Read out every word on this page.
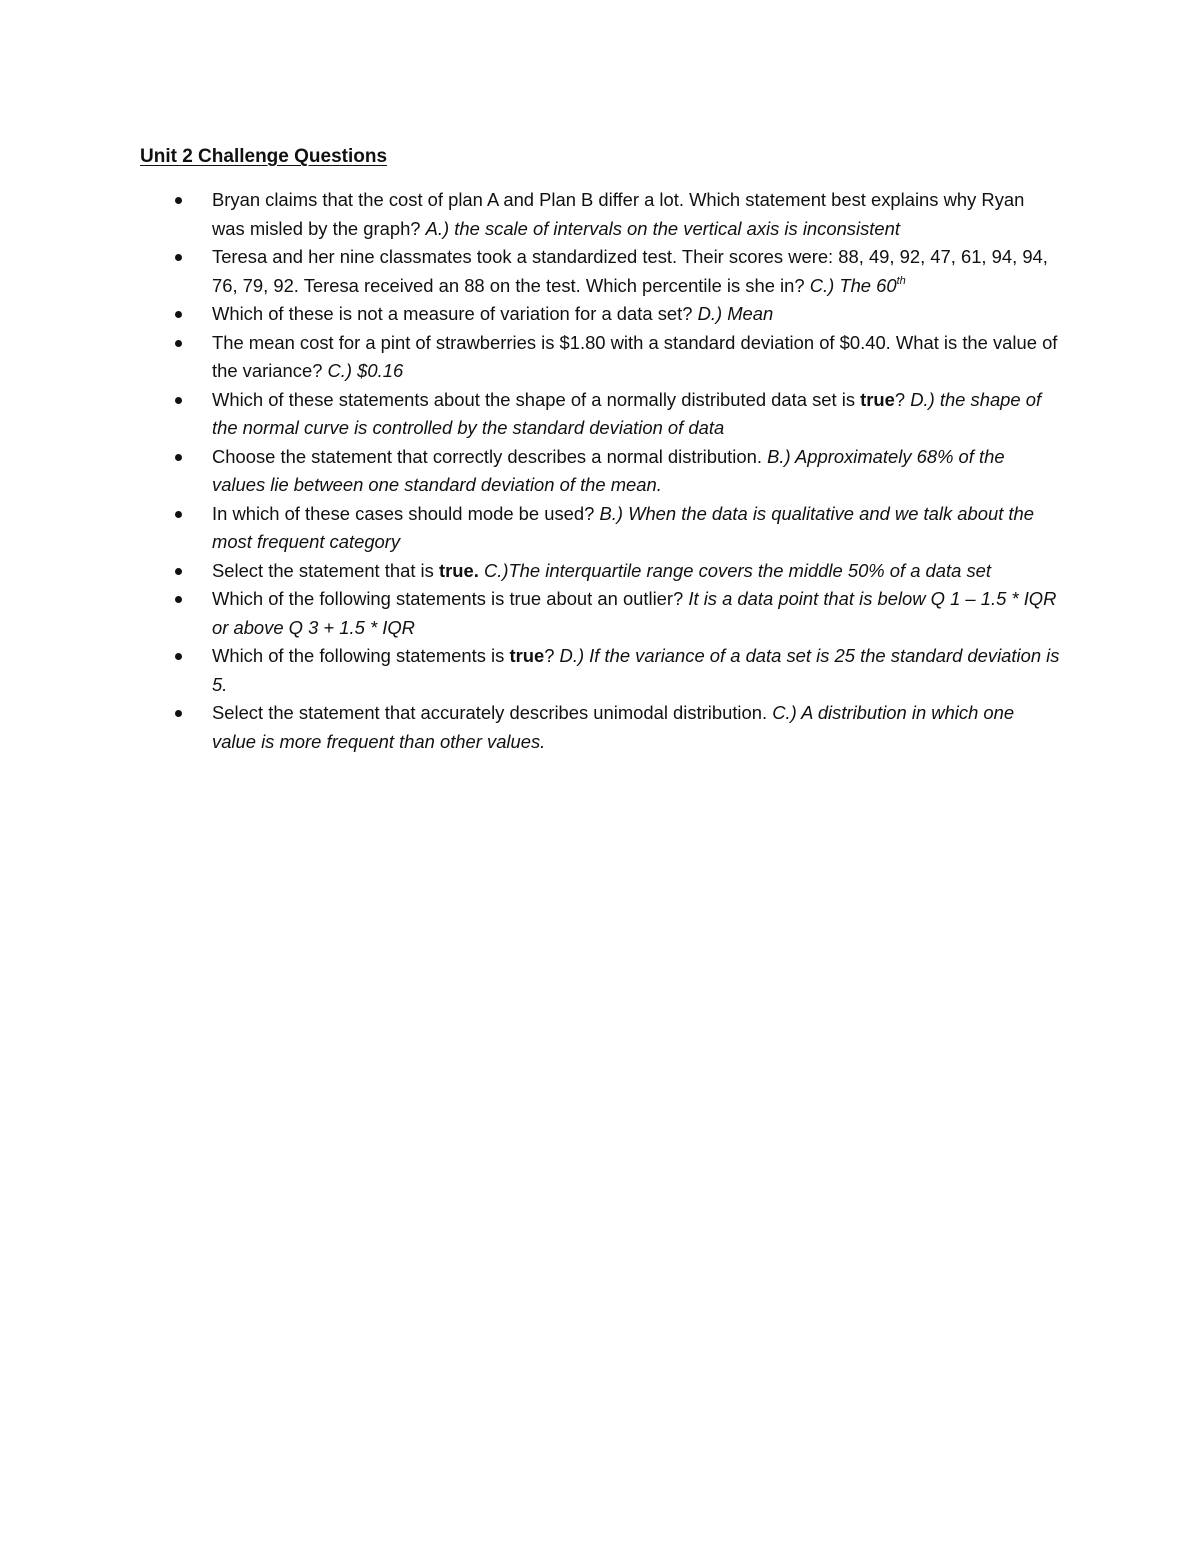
Unit 2 Challenge Questions
Bryan claims that the cost of plan A and Plan B differ a lot. Which statement best explains why Ryan was misled by the graph? A.) the scale of intervals on the vertical axis is inconsistent
Teresa and her nine classmates took a standardized test. Their scores were: 88, 49, 92, 47, 61, 94, 94, 76, 79, 92. Teresa received an 88 on the test. Which percentile is she in? C.) The 60th
Which of these is not a measure of variation for a data set? D.) Mean
The mean cost for a pint of strawberries is $1.80 with a standard deviation of $0.40. What is the value of the variance? C.) $0.16
Which of these statements about the shape of a normally distributed data set is true? D.) the shape of the normal curve is controlled by the standard deviation of data
Choose the statement that correctly describes a normal distribution. B.) Approximately 68% of the values lie between one standard deviation of the mean.
In which of these cases should mode be used? B.) When the data is qualitative and we talk about the most frequent category
Select the statement that is true. C.)The interquartile range covers the middle 50% of a data set
Which of the following statements is true about an outlier? It is a data point that is below Q 1 – 1.5 * IQR or above Q 3 + 1.5 * IQR
Which of the following statements is true? D.) If the variance of a data set is 25 the standard deviation is 5.
Select the statement that accurately describes unimodal distribution. C.) A distribution in which one value is more frequent than other values.
